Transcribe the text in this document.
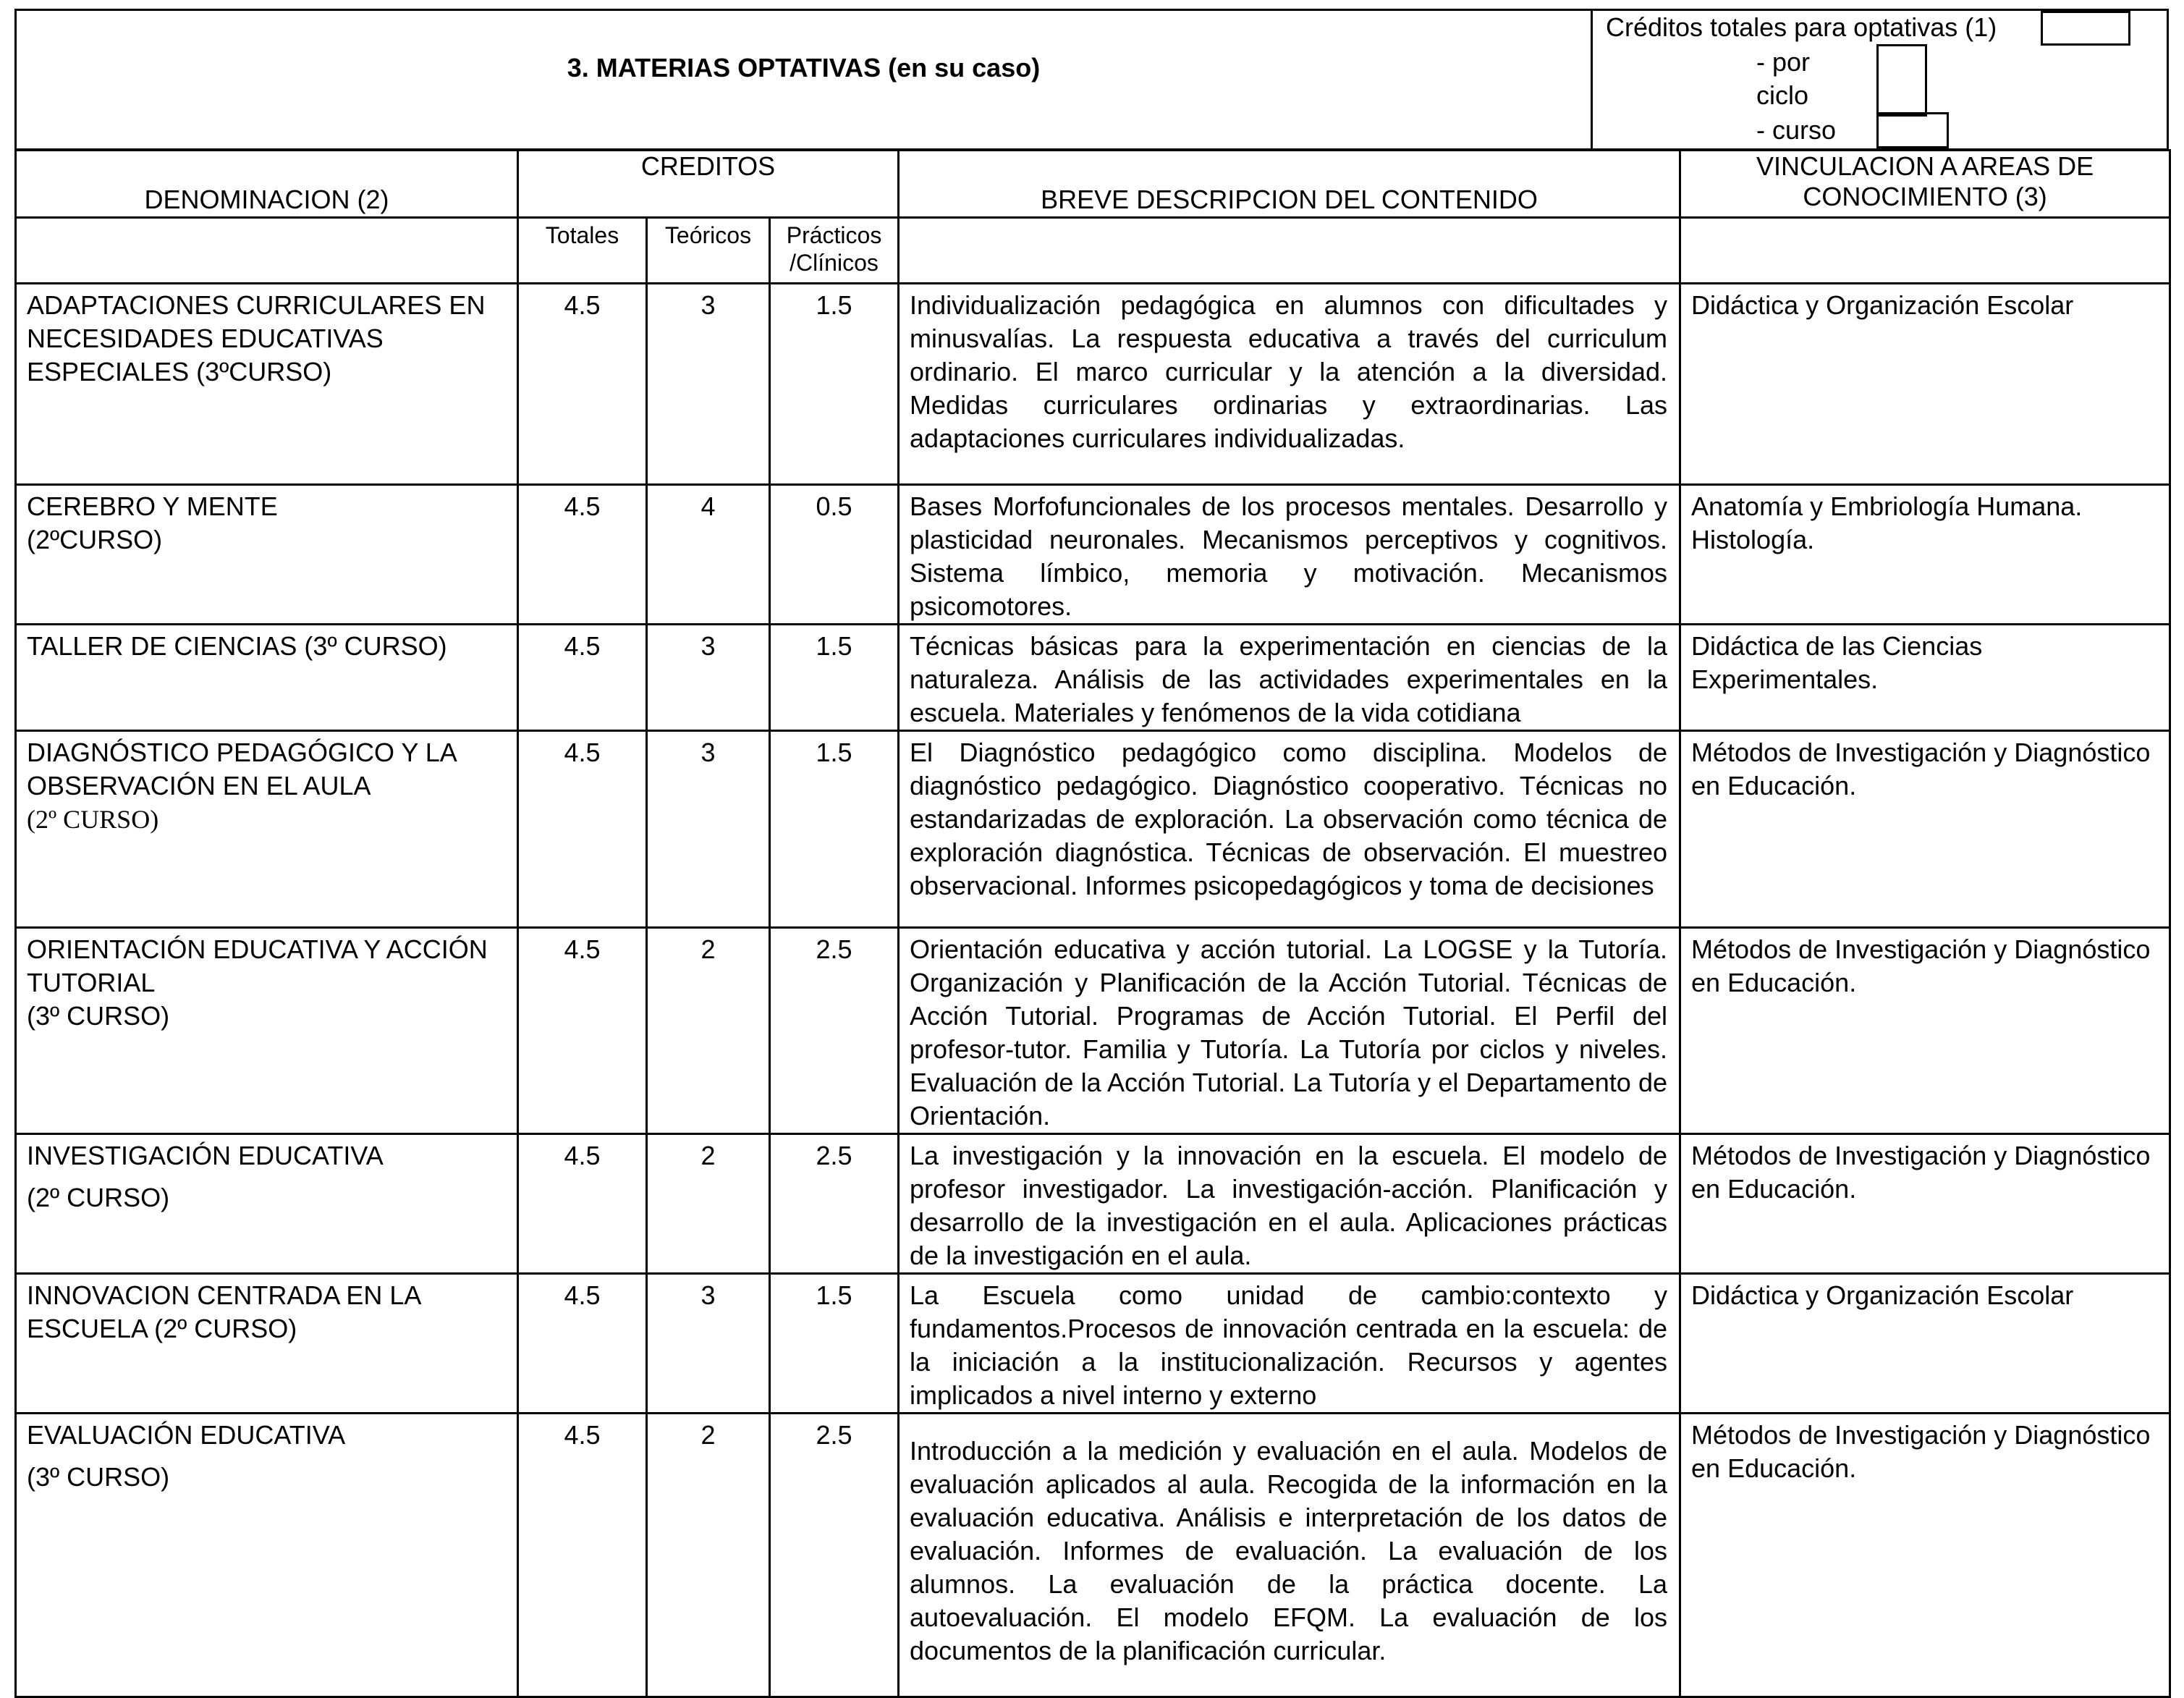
3. MATERIAS OPTATIVAS (en su caso)
Créditos totales para optativas (1)
- por
ciclo
- curso
DENOMINACION (2)	CREDITOS			BREVE DESCRIPCION DEL CONTENIDO	VINCULACION A AREAS DE CONOCIMIENTO (3)
	Totales	Teóricos	Prácticos /Clínicos		
ADAPTACIONES CURRICULARES EN NECESIDADES EDUCATIVAS ESPECIALES (3ºCURSO)	4.5	3	1.5	Individualización pedagógica en alumnos con dificultades y minusvalías. La respuesta educativa a través del curriculum ordinario. El marco curricular y la atención a la diversidad. Medidas curriculares ordinarias y extraordinarias. Las adaptaciones curriculares individualizadas.	Didáctica y Organización Escolar
CEREBRO Y MENTE
(2ºCURSO)	4.5	4	0.5	Bases Morfofuncionales de los procesos mentales. Desarrollo y plasticidad neuronales. Mecanismos perceptivos y cognitivos. Sistema límbico, memoria y motivación. Mecanismos psicomotores.	Anatomía y Embriología Humana. Histología.
TALLER DE CIENCIAS (3º CURSO)	4.5	3	1.5	Técnicas básicas para la experimentación en ciencias de la naturaleza. Análisis de las actividades experimentales en la escuela. Materiales y fenómenos de la vida cotidiana	Didáctica de las Ciencias Experimentales.
DIAGNÓSTICO PEDAGÓGICO Y LA OBSERVACIÓN EN EL AULA
(2º CURSO)	4.5	3	1.5	El Diagnóstico pedagógico como disciplina. Modelos de diagnóstico pedagógico. Diagnóstico cooperativo. Técnicas no estandarizadas de exploración. La observación como técnica de exploración diagnóstica. Técnicas de observación. El muestreo observacional. Informes psicopedagógicos y toma de decisiones	Métodos de Investigación y Diagnóstico en Educación.
ORIENTACIÓN EDUCATIVA Y ACCIÓN TUTORIAL
(3º CURSO)	4.5	2	2.5	Orientación educativa y acción tutorial. La LOGSE y la Tutoría. Organización y Planificación de la Acción Tutorial. Técnicas de Acción Tutorial. Programas de Acción Tutorial. El Perfil del profesor-tutor. Familia y Tutoría. La Tutoría por ciclos y niveles. Evaluación de la Acción Tutorial. La Tutoría y el Departamento de Orientación.	Métodos de Investigación y Diagnóstico en Educación.
INVESTIGACIÓN EDUCATIVA
(2º CURSO)	4.5	2	2.5	La investigación y la innovación en la escuela. El modelo de profesor investigador. La investigación-acción. Planificación y desarrollo de la investigación en el aula. Aplicaciones prácticas de la investigación en el aula.	Métodos de Investigación y Diagnóstico en Educación.
INNOVACION CENTRADA EN LA ESCUELA (2º CURSO)	4.5	3	1.5	La Escuela como unidad de cambio:contexto y fundamentos.Procesos de innovación centrada en la escuela: de la iniciación a la institucionalización. Recursos y agentes implicados a nivel interno y externo	Didáctica y Organización Escolar
EVALUACIÓN EDUCATIVA
(3º CURSO)	4.5	2	2.5	Introducción a la medición y evaluación en el aula. Modelos de evaluación aplicados al aula. Recogida de la información en la evaluación educativa. Análisis e interpretación de los datos de evaluación. Informes de evaluación. La evaluación de los alumnos. La evaluación de la práctica docente. La autoevaluación. El modelo EFQM. La evaluación de los documentos de la planificación curricular.	Métodos de Investigación y Diagnóstico en Educación.
